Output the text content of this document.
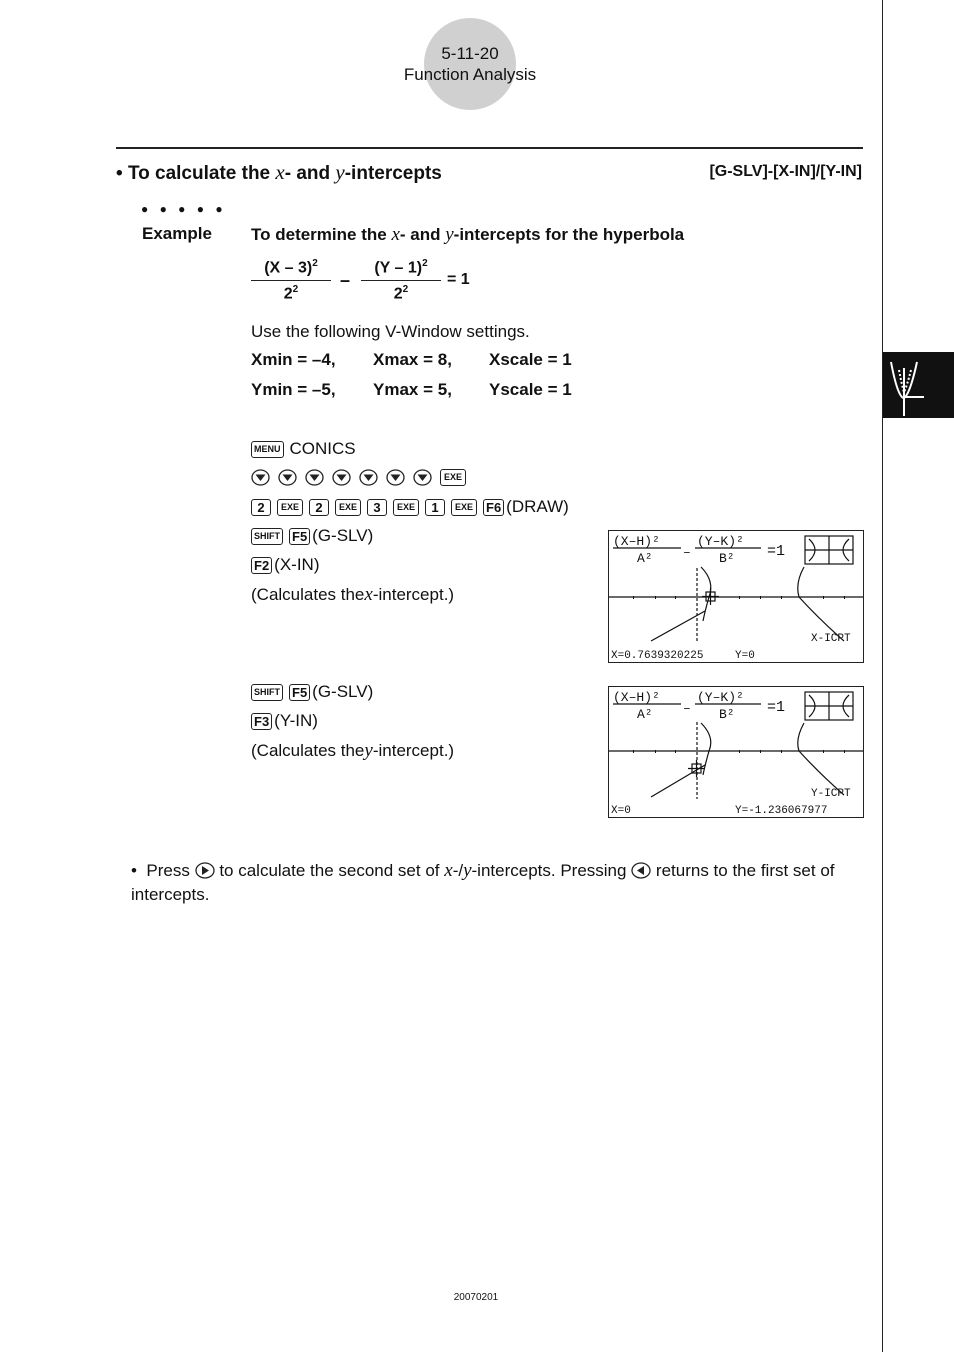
5-11-20
Function Analysis
• To calculate the x- and y-intercepts	[G-SLV]-[X-IN]/[Y-IN]
● ● ● ● ●
Example To determine the x- and y-intercepts for the hyperbola
(X – 3)$^2$
$2^2$	–
(Y – 1)$^2$
$2^2$
= 1
Use the following V-Window settings.
Xmin = –4, Xmax = 8, Xscale = 1
Ymin = –5, Ymax = 5, Yscale = 1
MENU CONICS
EXE
2	EXE	2	EXE	3	EXE	1	EXE	F6 (DRAW)
SHIFT F5 (G-SLV)
F2 (X-IN)
(Calculates the x -intercept.)
SHIFT F5 (G-SLV)
F3 (Y-IN)
(Calculates the y -intercept.)
(X–H)²
A² –
(Y–K)²
B² =1
X-ICPT
X=0.7639320225	Y=0
(X–H)²
A² –
(Y–K)²
B² =1
Y-ICPT
X=0	Y=-1.236067977
• Press  to calculate the second set of x-/y-intercepts. Pressing  returns to the first set of intercepts.
20070201
